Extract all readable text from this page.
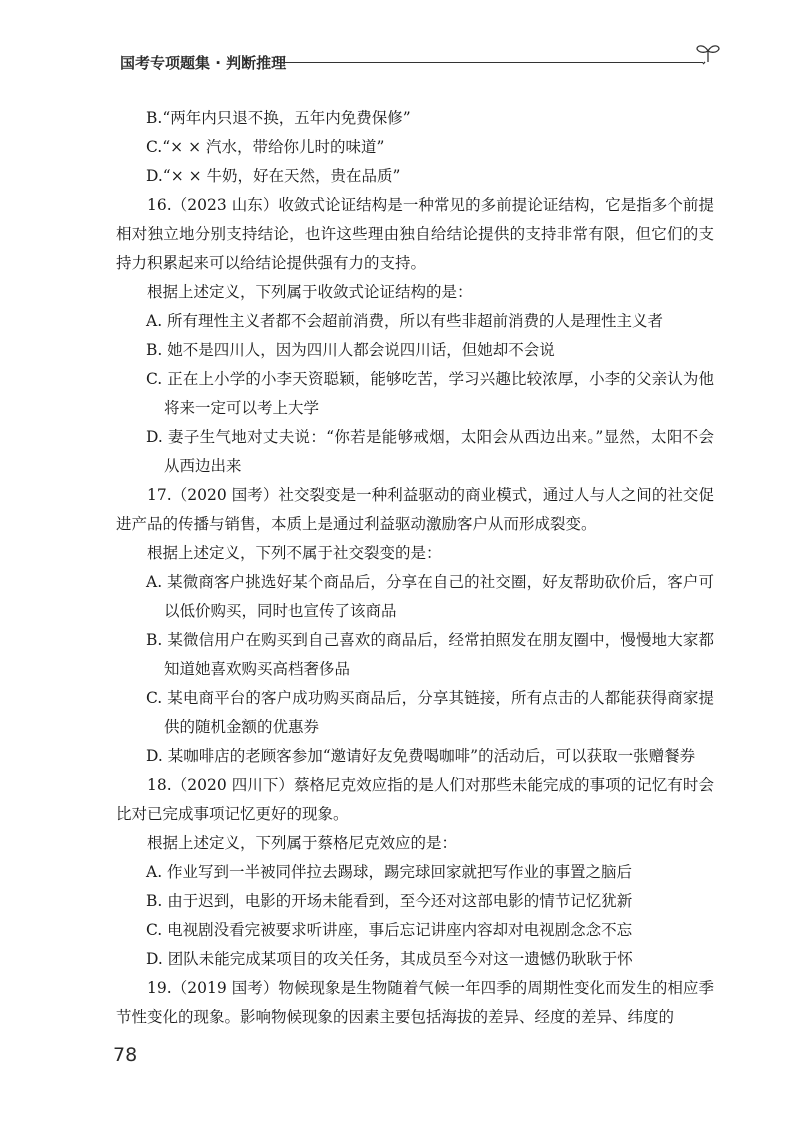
国考专项题集 · 判断推理

B.“两年内只退不换，五年内免费保修”

C.“× × 汽水，带给你儿时的味道”

D.“× × 牛奶，好在天然，贵在品质”

16.（2023 山东）收敛式论证结构是一种常见的多前提论证结构，它是指多个前提相对独立地分别支持结论，也许这些理由独自给结论提供的支持非常有限，但它们的支持力积累起来可以给结论提供强有力的支持。

根据上述定义，下列属于收敛式论证结构的是：

A. 所有理性主义者都不会超前消费，所以有些非超前消费的人是理性主义者

B. 她不是四川人，因为四川人都会说四川话，但她却不会说

C. 正在上小学的小李天资聪颖，能够吃苦，学习兴趣比较浓厚，小李的父亲认为他将来一定可以考上大学

D. 妻子生气地对丈夫说：“你若是能够戒烟，太阳会从西边出来。”显然，太阳不会从西边出来

17.（2020 国考）社交裂变是一种利益驱动的商业模式，通过人与人之间的社交促进产品的传播与销售，本质上是通过利益驱动激励客户从而形成裂变。

根据上述定义，下列不属于社交裂变的是：

A. 某微商客户挑选好某个商品后，分享在自己的社交圈，好友帮助砍价后，客户可以低价购买，同时也宣传了该商品

B. 某微信用户在购买到自己喜欢的商品后，经常拍照发在朋友圈中，慢慢地大家都知道她喜欢购买高档奢侈品

C. 某电商平台的客户成功购买商品后，分享其链接，所有点击的人都能获得商家提供的随机金额的优惠券

D. 某咖啡店的老顾客参加“邀请好友免费喝咖啡”的活动后，可以获取一张赠餐券

18.（2020 四川下）蔡格尼克效应指的是人们对那些未能完成的事项的记忆有时会比对已完成事项记忆更好的现象。

根据上述定义，下列属于蔡格尼克效应的是：

A. 作业写到一半被同伴拉去踢球，踢完球回家就把写作业的事置之脑后

B. 由于迟到，电影的开场未能看到，至今还对这部电影的情节记忆犹新

C. 电视剧没看完被要求听讲座，事后忘记讲座内容却对电视剧念念不忘

D. 团队未能完成某项目的攻关任务，其成员至今对这一遗憾仍耿耿于怀

19.（2019 国考）物候现象是生物随着气候一年四季的周期性变化而发生的相应季节性变化的现象。影响物候现象的因素主要包括海拔的差异、经度的差异、纬度的

78
